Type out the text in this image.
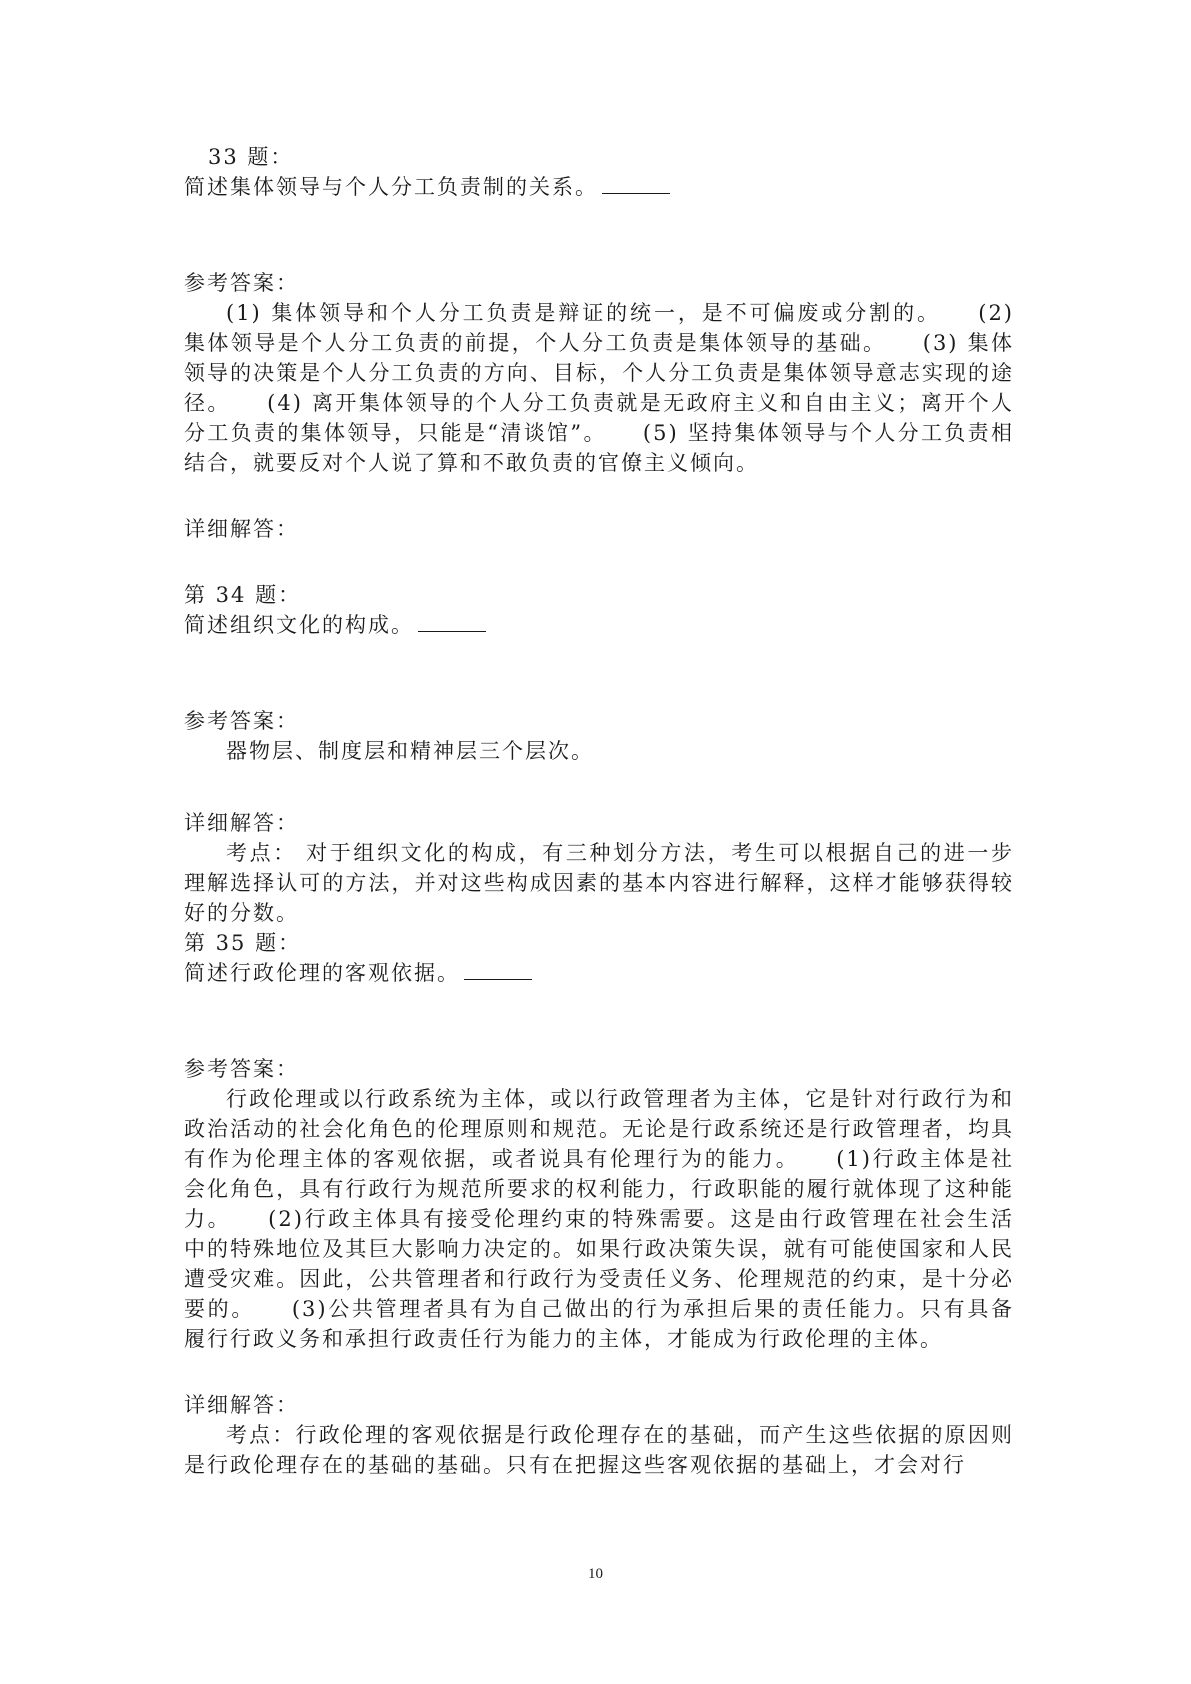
33 题：
简述集体领导与个人分工负责制的关系。
参考答案：

(1) 集体领导和个人分工负责是辩证的统一，是不可偏废或分割的。　　(2) 集体领导是个人分工负责的前提，个人分工负责是集体领导的基础。　　(3) 集体领导的决策是个人分工负责的方向、目标，个人分工负责是集体领导意志实现的途径。　　(4) 离开集体领导的个人分工负责就是无政府主义和自由主义；离开个人分工负责的集体领导，只能是“清谈馆”。　　(5) 坚持集体领导与个人分工负责相结合，就要反对个人说了算和不敢负责的官僚主义倾向。

详细解答：
第 34 题：
简述组织文化的构成。
参考答案：

器物层、制度层和精神层三个层次。

详细解答：

考点： 对于组织文化的构成，有三种划分方法，考生可以根据自己的进一步理解选择认可的方法，并对这些构成因素的基本内容进行解释，这样才能够获得较好的分数。

第 35 题：
简述行政伦理的客观依据。
参考答案：

行政伦理或以行政系统为主体，或以行政管理者为主体，它是针对行政行为和政治活动的社会化角色的伦理原则和规范。无论是行政系统还是行政管理者，均具有作为伦理主体的客观依据，或者说具有伦理行为的能力。　　(1)行政主体是社会化角色，具有行政行为规范所要求的权利能力，行政职能的履行就体现了这种能力。　　(2)行政主体具有接受伦理约束的特殊需要。这是由行政管理在社会生活中的特殊地位及其巨大影响力决定的。如果行政决策失误，就有可能使国家和人民遭受灾难。因此，公共管理者和行政行为受责任义务、伦理规范的约束，是十分必要的。　　(3)公共管理者具有为自己做出的行为承担后果的责任能力。只有具备履行行政义务和承担行政责任行为能力的主体，才能成为行政伦理的主体。

详细解答：

考点：行政伦理的客观依据是行政伦理存在的基础，而产生这些依据的原因则是行政伦理存在的基础的基础。只有在把握这些客观依据的基础上，才会对行

10
